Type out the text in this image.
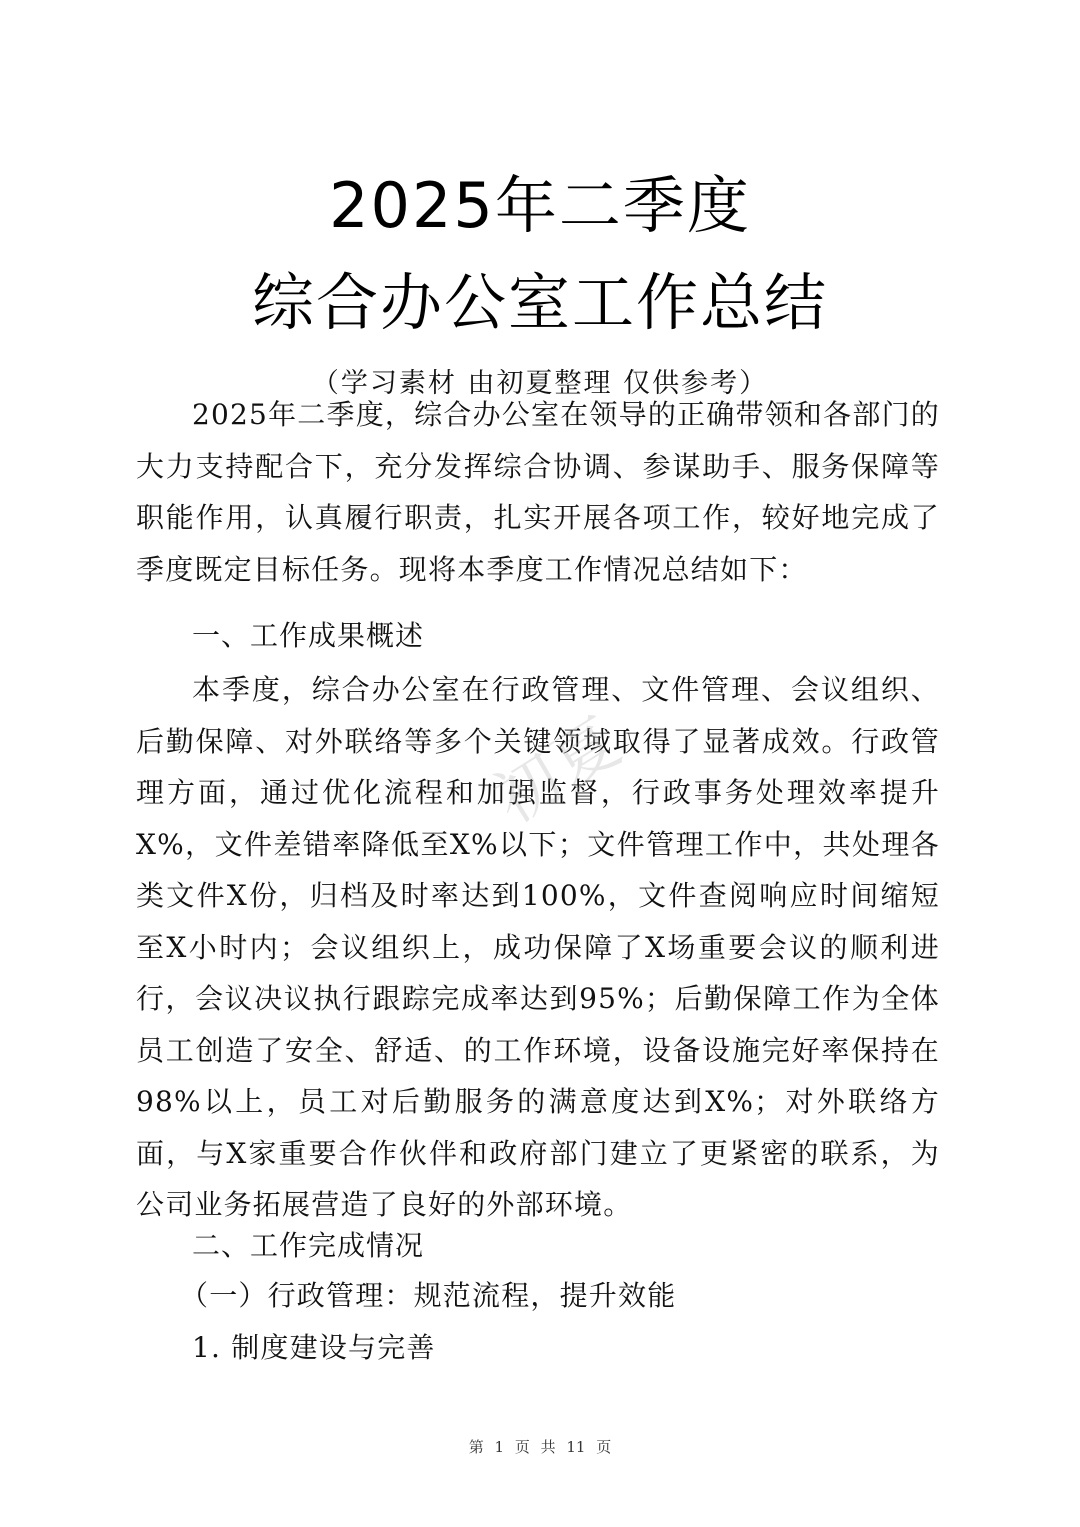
2025年二季度
综合办公室工作总结
（学习素材 由初夏整理 仅供参考）

2025年二季度，综合办公室在领导的正确带领和各部门的大力支持配合下，充分发挥综合协调、参谋助手、服务保障等职能作用，认真履行职责，扎实开展各项工作，较好地完成了季度既定目标任务。现将本季度工作情况总结如下：

一、工作成果概述

本季度，综合办公室在行政管理、文件管理、会议组织、后勤保障、对外联络等多个关键领域取得了显著成效。行政管理方面，通过优化流程和加强监督，行政事务处理效率提升X%，文件差错率降低至X%以下；文件管理工作中，共处理各类文件X份，归档及时率达到100%，文件查阅响应时间缩短至X小时内；会议组织上，成功保障了X场重要会议的顺利进行，会议决议执行跟踪完成率达到95%；后勤保障工作为全体员工创造了安全、舒适、的工作环境，设备设施完好率保持在98%以上，员工对后勤服务的满意度达到X%；对外联络方面，与X家重要合作伙伴和政府部门建立了更紧密的联系，为公司业务拓展营造了良好的外部环境。

二、工作完成情况
（一）行政管理：规范流程，提升效能
1. 制度建设与完善
初夏
第 1 页 共 11 页
